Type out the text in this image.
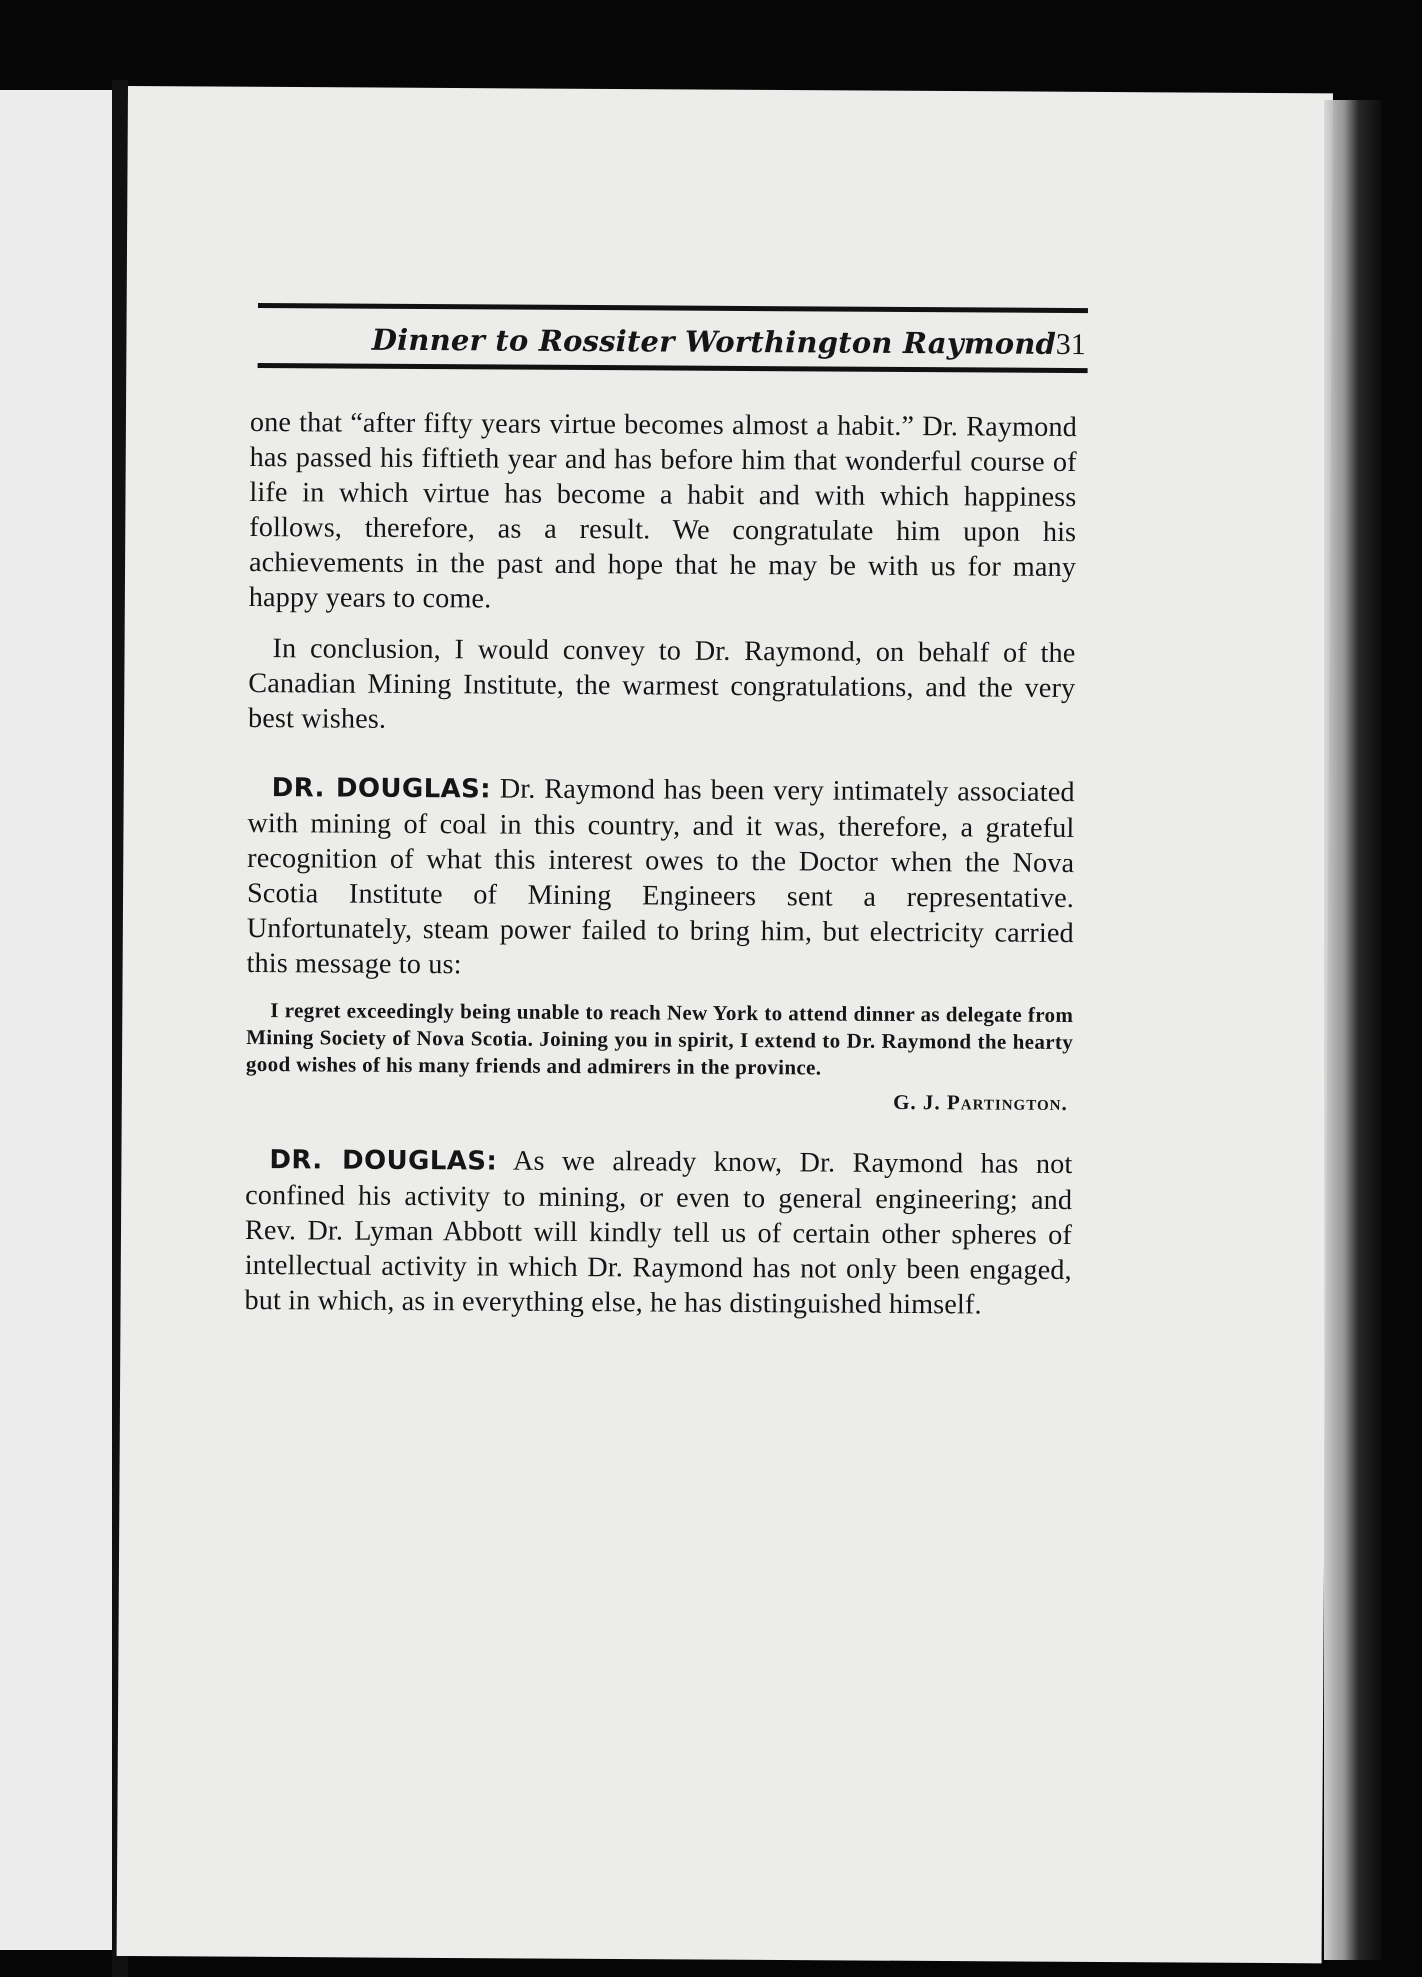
Dinner to Rossiter Worthington Raymond 31

one that “after fifty years virtue becomes almost a habit.” Dr. Raymond has passed his fiftieth year and has before him that wonderful course of life in which virtue has become a habit and with which happiness follows, therefore, as a result. We congratulate him upon his achievements in the past and hope that he may be with us for many happy years to come.

In conclusion, I would convey to Dr. Raymond, on behalf of the Canadian Mining Institute, the warmest congratulations, and the very best wishes.

DR. DOUGLAS: Dr. Raymond has been very intimately associated with mining of coal in this country, and it was, therefore, a grateful recognition of what this interest owes to the Doctor when the Nova Scotia Institute of Mining Engineers sent a representative. Unfortunately, steam power failed to bring him, but electricity carried this message to us:

I regret exceedingly being unable to reach New York to attend dinner as delegate from Mining Society of Nova Scotia. Joining you in spirit, I extend to Dr. Raymond the hearty good wishes of his many friends and admirers in the province.

G. J. Partington.

DR. DOUGLAS: As we already know, Dr. Raymond has not confined his activity to mining, or even to general engineering; and Rev. Dr. Lyman Abbott will kindly tell us of certain other spheres of intellectual activity in which Dr. Raymond has not only been engaged, but in which, as in everything else, he has distinguished himself.
